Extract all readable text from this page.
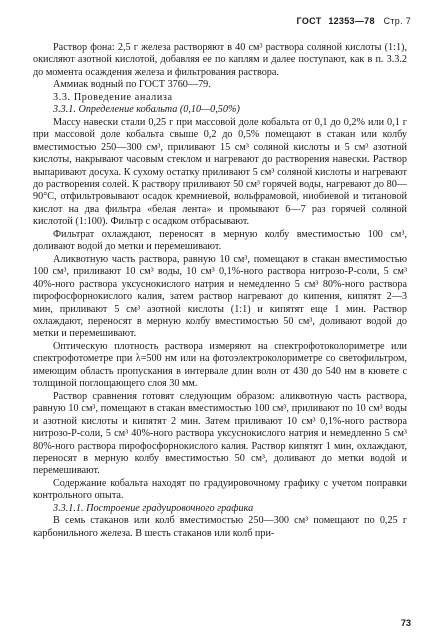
ГОСТ 12353—78 Стр. 7

Раствор фона: 2,5 г железа растворяют в 40 см³ раствора соляной кислоты (1:1), окисляют азотной кислотой, добавляя ее по каплям и далее поступают, как в п. 3.3.2 до момента осаждения железа и фильтрования раствора.

Аммиак водный по ГОСТ 3760—79.

3.3. Проведение анализа

3.3.1. Определение кобальта (0,10—0,50%)

Массу навески стали 0,25 г при массовой доле кобальта от 0,1 до 0,2% или 0,1 г при массовой доле кобальта свыше 0,2 до 0,5% помещают в стакан или колбу вместимостью 250—300 см³, приливают 15 см³ соляной кислоты и 5 см³ азотной кислоты, накрывают часовым стеклом и нагревают до растворения навески. Раствор выпаривают досуха. К сухому остатку приливают 5 см³ соляной кислоты и нагревают до растворения солей. К раствору приливают 50 см³ горячей воды, нагревают до 80—90°С, отфильтровывают осадок кремниевой, вольфрамовой, ниобиевой и титановой кислот на два фильтра «белая лента» и промывают 6—7 раз горячей соляной кислотой (1:100). Фильтр с осадком отбрасывают.

Фильтрат охлаждают, переносят в мерную колбу вместимостью 100 см³, доливают водой до метки и перемешивают.

Аликвотную часть раствора, равную 10 см³, помещают в стакан вместимостью 100 см³, приливают 10 см³ воды, 10 см³ 0,1%-ного раствора нитрозо-Р-соли, 5 см³ 40%-ного раствора уксуснокислого натрия и немедленно 5 см³ 80%-ного раствора пирофосфорнокислого калия, затем раствор нагревают до кипения, кипятят 2—3 мин, приливают 5 см³ азотной кислоты (1:1) и кипятят еще 1 мин. Раствор охлаждают, переносят в мерную колбу вместимостью 50 см³, доливают водой до метки и перемешивают.

Оптическую плотность раствора измеряют на спектрофотоколориметре или спектрофотометре при λ=500 нм или на фотоэлектроколориметре со светофильтром, имеющим область пропускания в интервале длин волн от 430 до 540 нм в кювете с толщиной поглощающего слоя 30 мм.

Раствор сравнения готовят следующим образом: аликвотную часть раствора, равную 10 см³, помещают в стакан вместимостью 100 см³, приливают по 10 см³ воды и азотной кислоты и кипятят 2 мин. Затем приливают 10 см³ 0,1%-ного раствора нитрозо-Р-соли, 5 см³ 40%-ного раствора уксуснокислого натрия и немедленно 5 см³ 80%-ного раствора пирофосфорнокислого калия. Раствор кипятят 1 мин, охлаждают, переносят в мерную колбу вместимостью 50 см³, доливают до метки водой и перемешивают.

Содержание кобальта находят по градуировочному графику с учетом поправки контрольного опыта.

3.3.1.1. Построение градуировочного графика

В семь стаканов или колб вместимостью 250—300 см³ помещают по 0,25 г карбонильного железа. В шесть стаканов или колб при-

73
